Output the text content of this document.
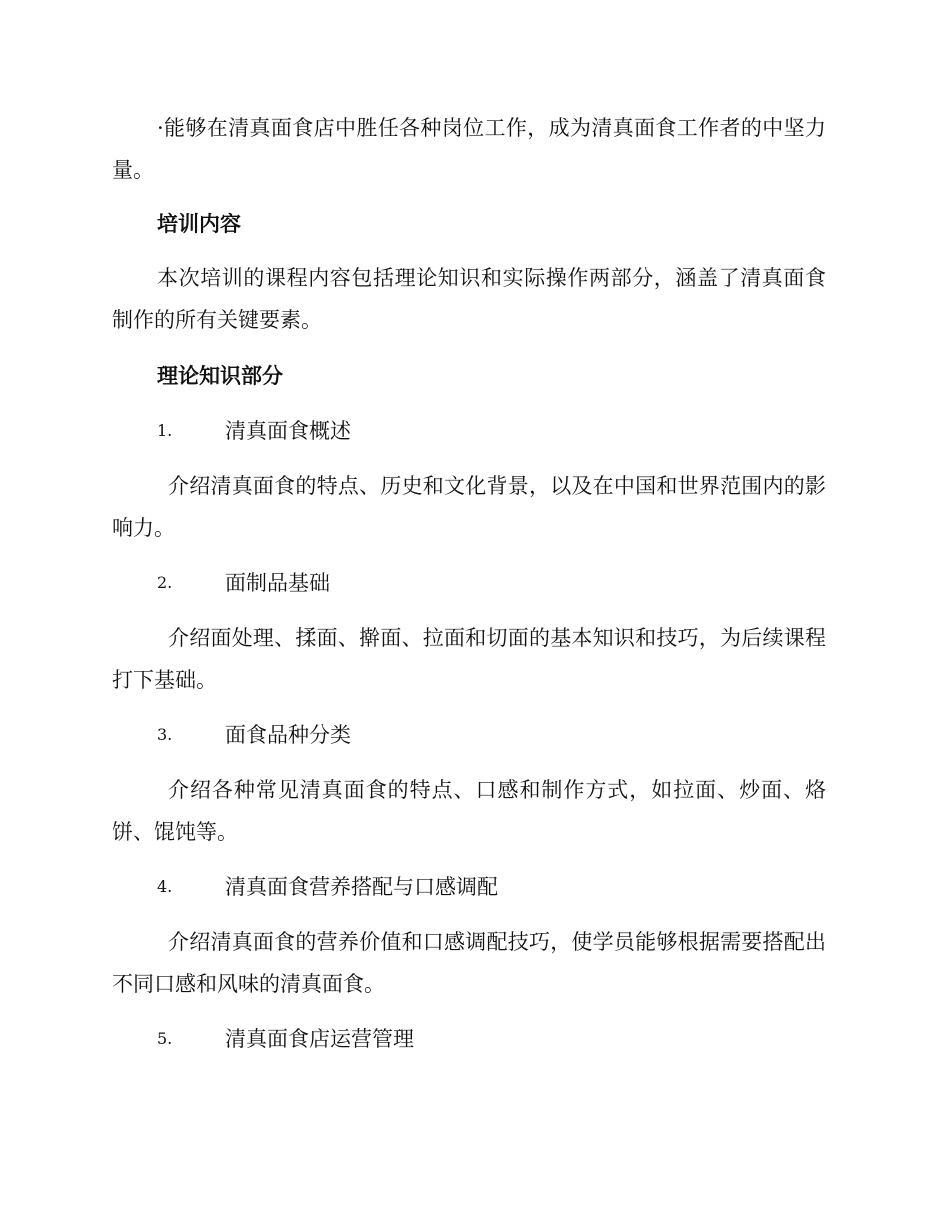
·能够在清真面食店中胜任各种岗位工作，成为清真面食工作者的中坚力量。

培训内容

本次培训的课程内容包括理论知识和实际操作两部分，涵盖了清真面食制作的所有关键要素。

理论知识部分
1.	清真面食概述

介绍清真面食的特点、历史和文化背景，以及在中国和世界范围内的影响力。

2.	面制品基础

介绍面处理、揉面、擀面、拉面和切面的基本知识和技巧，为后续课程打下基础。

3.	面食品种分类

介绍各种常见清真面食的特点、口感和制作方式，如拉面、炒面、烙饼、馄饨等。

4.	清真面食营养搭配与口感调配

介绍清真面食的营养价值和口感调配技巧，使学员能够根据需要搭配出不同口感和风味的清真面食。

5.	清真面食店运营管理
